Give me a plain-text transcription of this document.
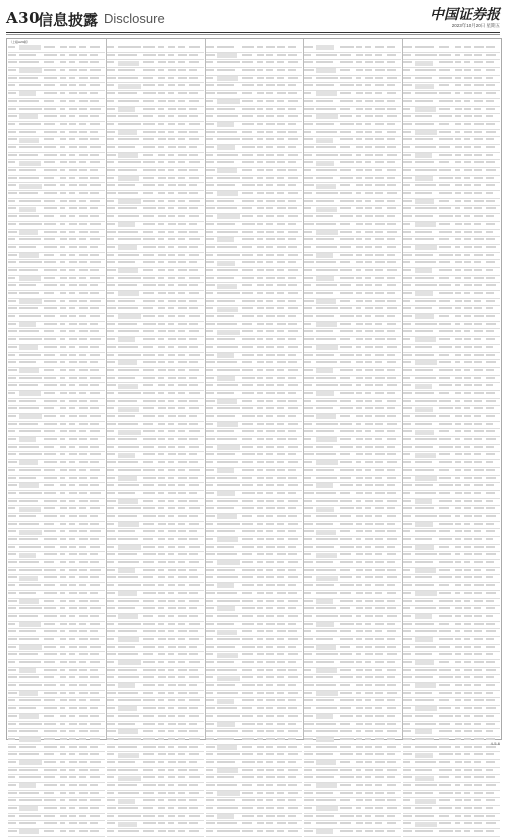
A30
信息披露 Disclosure	中国证券报
2023年10月20日 星期五
（上接A29版）
4-5-6
